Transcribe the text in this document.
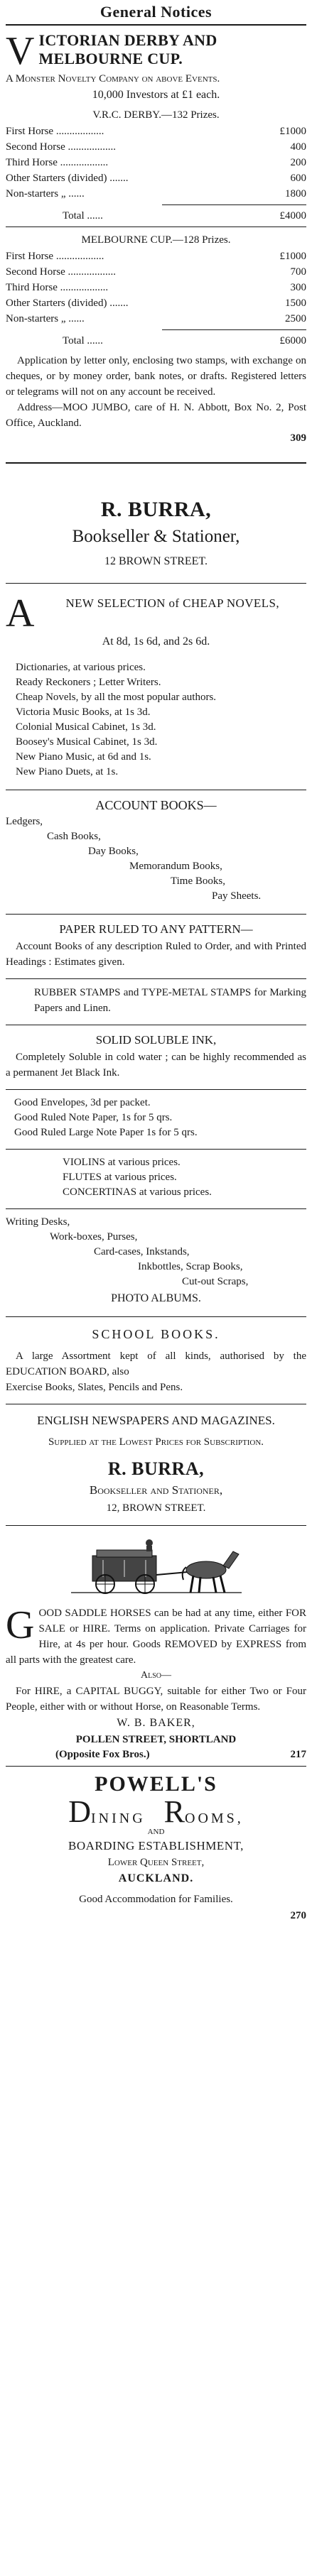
General Notices
V ICTORIAN DERBY AND MELBOURNE CUP.

A Monster Novelty Company on above Events.

10,000 Investors at £1 each.

V.R.C. DERBY.—132 Prizes.

First Horse ..................	£1000
Second Horse ..................	400
Third Horse ..................	200
Other Starters (divided) .......	600
Non-starters „ ......	1800
Total ......	£4000

MELBOURNE CUP.—128 Prizes.

First Horse ..................	£1000
Second Horse ..................	700
Third Horse ..................	300
Other Starters (divided) .......	1500
Non-starters „ ......	2500
Total ......	£6000

Application by letter only, enclosing two stamps, with exchange on cheques, or by money order, bank notes, or drafts. Registered letters or telegrams will not on any account be received.

Address—MOO JUMBO, care of H. N. Abbott, Box No. 2, Post Office, Auckland.

309

R. BURRA,

Bookseller & Stationer,

12 BROWN STREET.

A	NEW SELECTION of CHEAP NOVELS,

At 8d, 1s 6d, and 2s 6d.

Dictionaries, at various prices.

Ready Reckoners ; Letter Writers.

Cheap Novels, by all the most popular authors.

Victoria Music Books, at 1s 3d.

Colonial Musical Cabinet, 1s 3d.

Boosey's Musical Cabinet, 1s 3d.

New Piano Music, at 6d and 1s.

New Piano Duets, at 1s.

ACCOUNT BOOKS—

Ledgers,

Cash Books,

Day Books,

Memorandum Books,

Time Books,

Pay Sheets.

PAPER RULED TO ANY PATTERN—

Account Books of any description Ruled to Order, and with Printed Headings : Estimates given.

RUBBER STAMPS and TYPE-METAL STAMPS for Marking Papers and Linen.

SOLID SOLUBLE INK,

Completely Soluble in cold water ; can be highly recommended as a permanent Jet Black Ink.

Good Envelopes, 3d per packet.

Good Ruled Note Paper, 1s for 5 qrs.

Good Ruled Large Note Paper 1s for 5 qrs.

VIOLINS at various prices.

FLUTES at various prices.

CONCERTINAS at various prices.

Writing Desks,

Work-boxes, Purses,

Card-cases, Inkstands,

Inkbottles, Scrap Books,

Cut-out Scraps,

PHOTO ALBUMS.

SCHOOL BOOKS.

A large Assortment kept of all kinds, authorised by the EDUCATION BOARD, also

Exercise Books, Slates, Pencils and Pens.

ENGLISH NEWSPAPERS AND MAGAZINES.

Supplied at the Lowest Prices for Subscription.

R. BURRA,

Bookseller and Stationer,

12, BROWN STREET.

G OOD SADDLE HORSES can be had at any time, either FOR SALE or HIRE. Terms on application. Private Carriages for Hire, at 4s per hour. Goods REMOVED by EXPRESS from all parts with the greatest care.

Also—

For HIRE, a CAPITAL BUGGY, suitable for either Two or Four People, either with or without Horse, on Reasonable Terms.

W. B. BAKER,

POLLEN STREET, SHORTLAND

(Opposite Fox Bros.)	217

POWELL'S

D INING R OOMS,

AND

BOARDING ESTABLISHMENT,

Lower Queen Street,

AUCKLAND.

Good Accommodation for Families.

270
